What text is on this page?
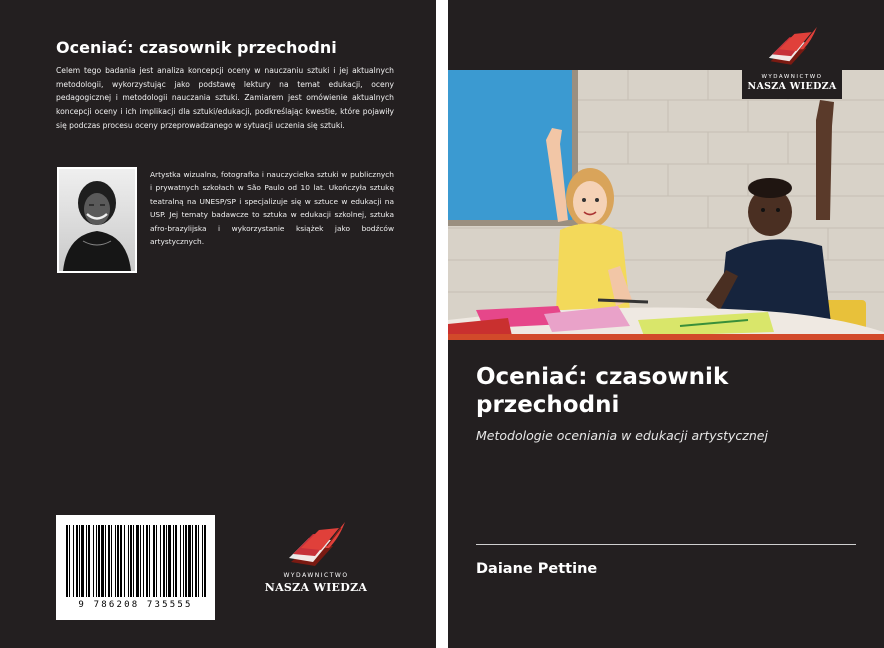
Oceniać: czasownik przechodni

Celem tego badania jest analiza koncepcji oceny w nauczaniu sztuki i jej aktualnych metodologii, wykorzystując jako podstawę lektury na temat edukacji, oceny pedagogicznej i metodologii nauczania sztuki. Zamiarem jest omówienie aktualnych koncepcji oceny i ich implikacji dla sztuki/edukacji, podkreślając kwestie, które pojawiły się podczas procesu oceny przeprowadzanego w sytuacji uczenia się sztuki.

Artystka wizualna, fotografka i nauczycielka sztuki w publicznych i prywatnych szkołach w São Paulo od 10 lat. Ukończyła sztukę teatralną na UNESP/SP i specjalizuje się w sztuce w edukacji na USP. Jej tematy badawcze to sztuka w edukacji szkolnej, sztuka afro-brazylijska i wykorzystanie książek jako bodźców artystycznych.

9 786208 735555
WYDAWNICTWO
NASZA WIEDZA
WYDAWNICTWO
NASZA WIEDZA
Oceniać: czasownik przechodni

Metodologie oceniania w edukacji artystycznej

Daiane Pettine
